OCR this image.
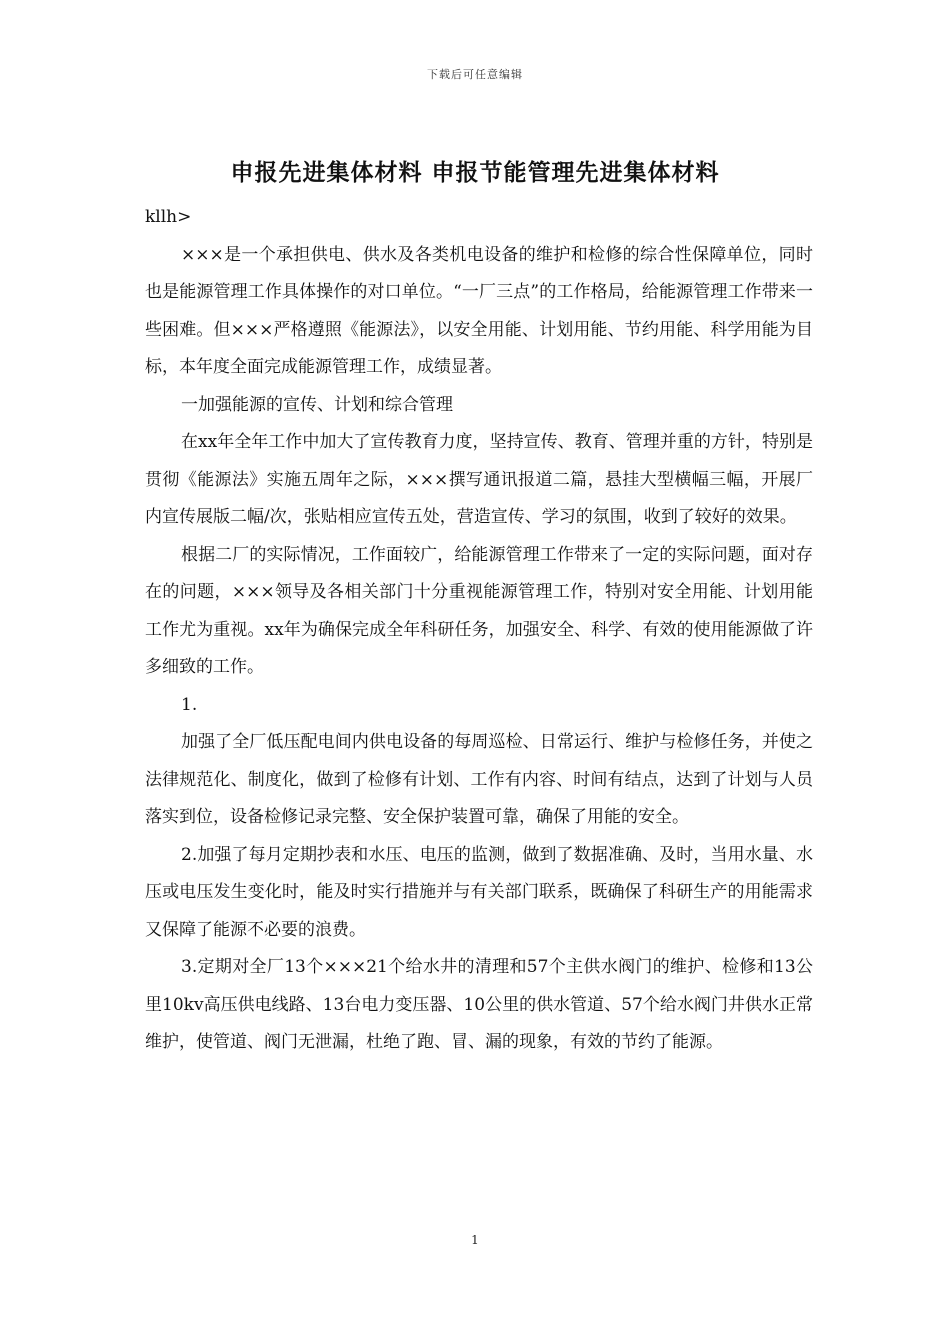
下载后可任意编辑
申报先进集体材料 申报节能管理先进集体材料

kllh>

×××是一个承担供电、供水及各类机电设备的维护和检修的综合性保障单位，同时也是能源管理工作具体操作的对口单位。“一厂三点”的工作格局，给能源管理工作带来一些困难。但×××严格遵照《能源法》，以安全用能、计划用能、节约用能、科学用能为目标，本年度全面完成能源管理工作，成绩显著。

一加强能源的宣传、计划和综合管理

在xx年全年工作中加大了宣传教育力度，坚持宣传、教育、管理并重的方针，特别是贯彻《能源法》实施五周年之际，×××撰写通讯报道二篇，悬挂大型横幅三幅，开展厂内宣传展版二幅/次，张贴相应宣传五处，营造宣传、学习的氛围，收到了较好的效果。

根据二厂的实际情况，工作面较广，给能源管理工作带来了一定的实际问题，面对存在的问题，×××领导及各相关部门十分重视能源管理工作，特别对安全用能、计划用能工作尤为重视。xx年为确保完成全年科研任务，加强安全、科学、有效的使用能源做了许多细致的工作。

1.

加强了全厂低压配电间内供电设备的每周巡检、日常运行、维护与检修任务，并使之法律规范化、制度化，做到了检修有计划、工作有内容、时间有结点，达到了计划与人员落实到位，设备检修记录完整、安全保护装置可靠，确保了用能的安全。

2.加强了每月定期抄表和水压、电压的监测，做到了数据准确、及时，当用水量、水压或电压发生变化时，能及时实行措施并与有关部门联系，既确保了科研生产的用能需求又保障了能源不必要的浪费。

3.定期对全厂13个×××21个给水井的清理和57个主供水阀门的维护、检修和13公里10kv高压供电线路、13台电力变压器、10公里的供水管道、57个给水阀门井供水正常维护，使管道、阀门无泄漏，杜绝了跑、冒、漏的现象，有效的节约了能源。

1
